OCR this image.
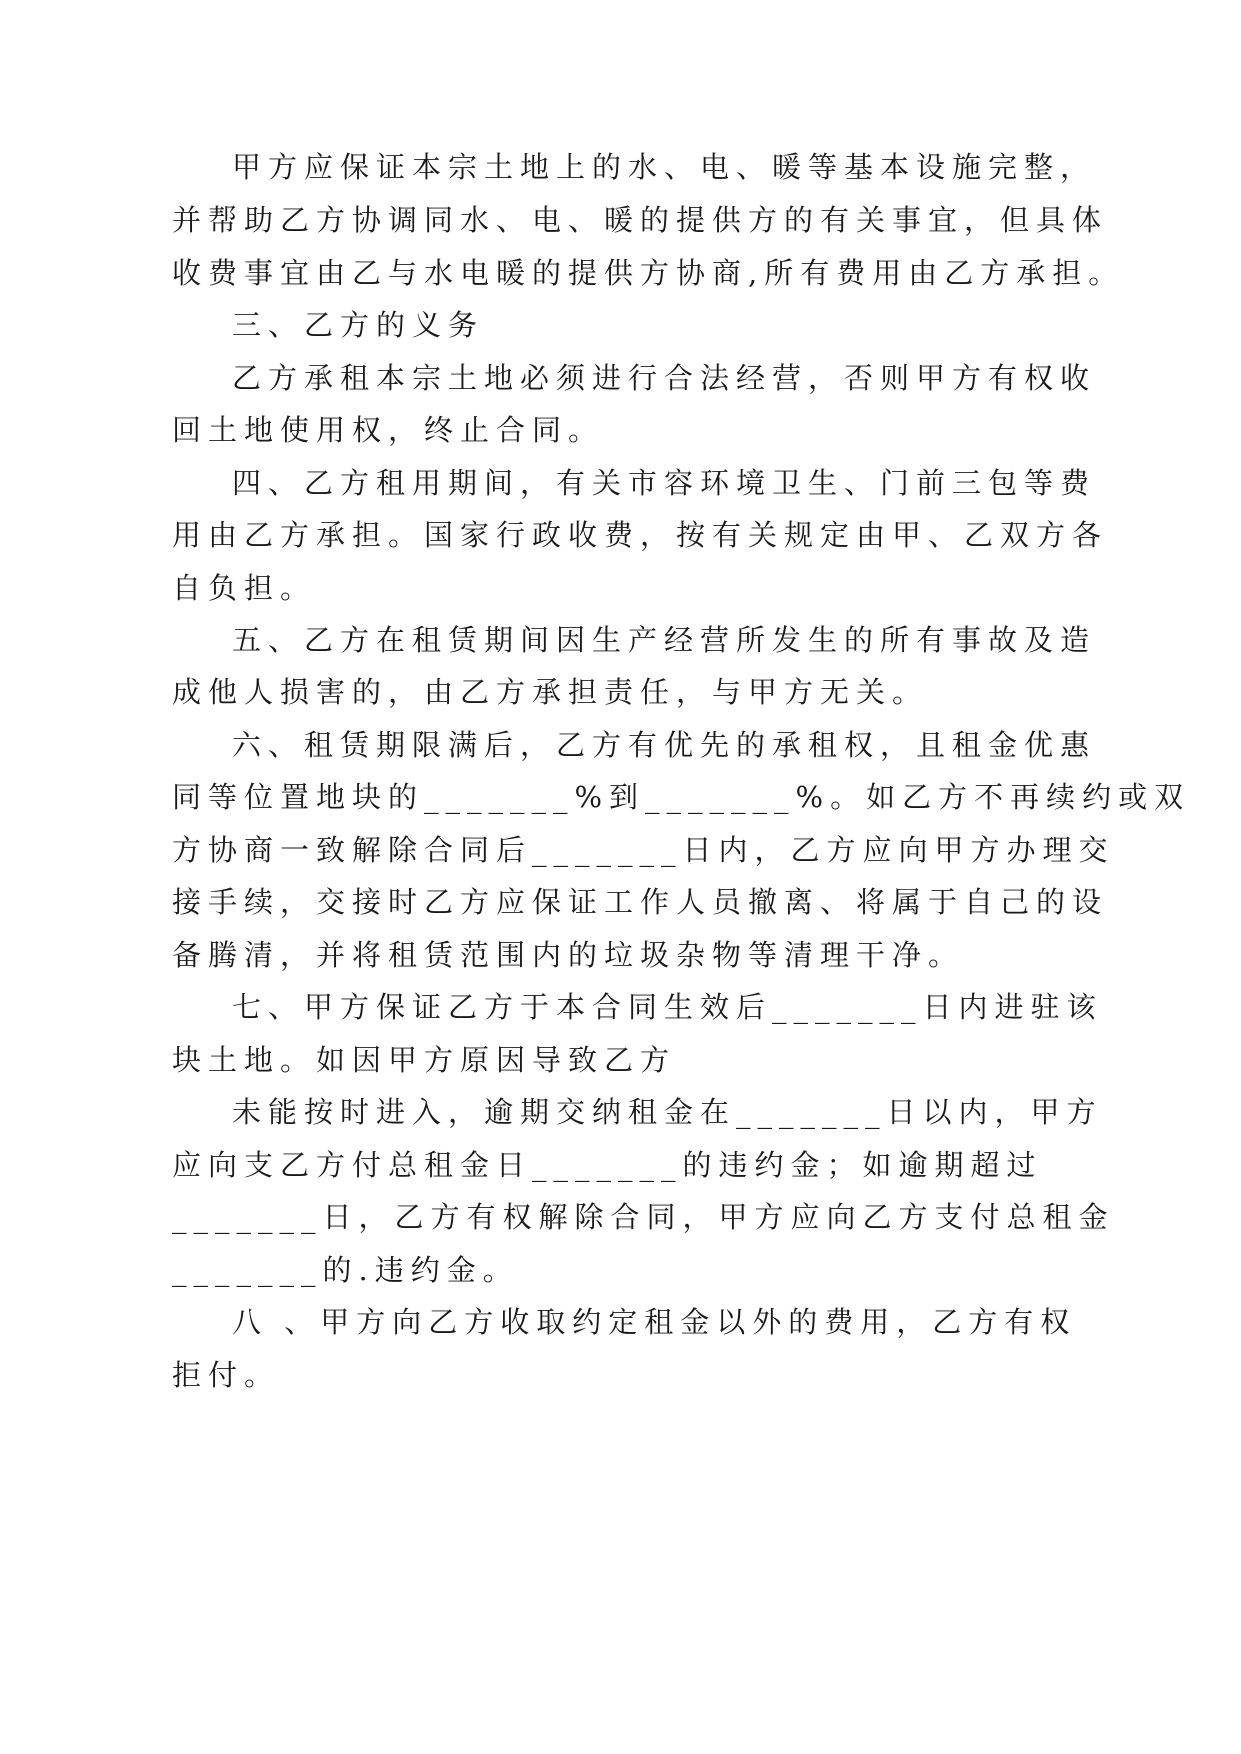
甲方应保证本宗土地上的水、电、暖等基本设施完整，

并帮助乙方协调同水、电、暖的提供方的有关事宜，但具体

收费事宜由乙与水电暖的提供方协商,所有费用由乙方承担。

三、乙方的义务

乙方承租本宗土地必须进行合法经营，否则甲方有权收

回土地使用权，终止合同。

四、乙方租用期间，有关市容环境卫生、门前三包等费

用由乙方承担。国家行政收费，按有关规定由甲、乙双方各

自负担。

五、乙方在租赁期间因生产经营所发生的所有事故及造

成他人损害的，由乙方承担责任，与甲方无关。

六、租赁期限满后，乙方有优先的承租权，且租金优惠

同等位置地块的_______%到_______%。如乙方不再续约或双

方协商一致解除合同后_______日内，乙方应向甲方办理交

接手续，交接时乙方应保证工作人员撤离、将属于自己的设

备腾清，并将租赁范围内的垃圾杂物等清理干净。

七、甲方保证乙方于本合同生效后_______日内进驻该

块土地。如因甲方原因导致乙方

未能按时进入，逾期交纳租金在_______日以内，甲方

应向支乙方付总租金日_______的违约金；如逾期超过

_______日，乙方有权解除合同，甲方应向乙方支付总租金

_______的.违约金。

八 、甲方向乙方收取约定租金以外的费用，乙方有权

拒付。
